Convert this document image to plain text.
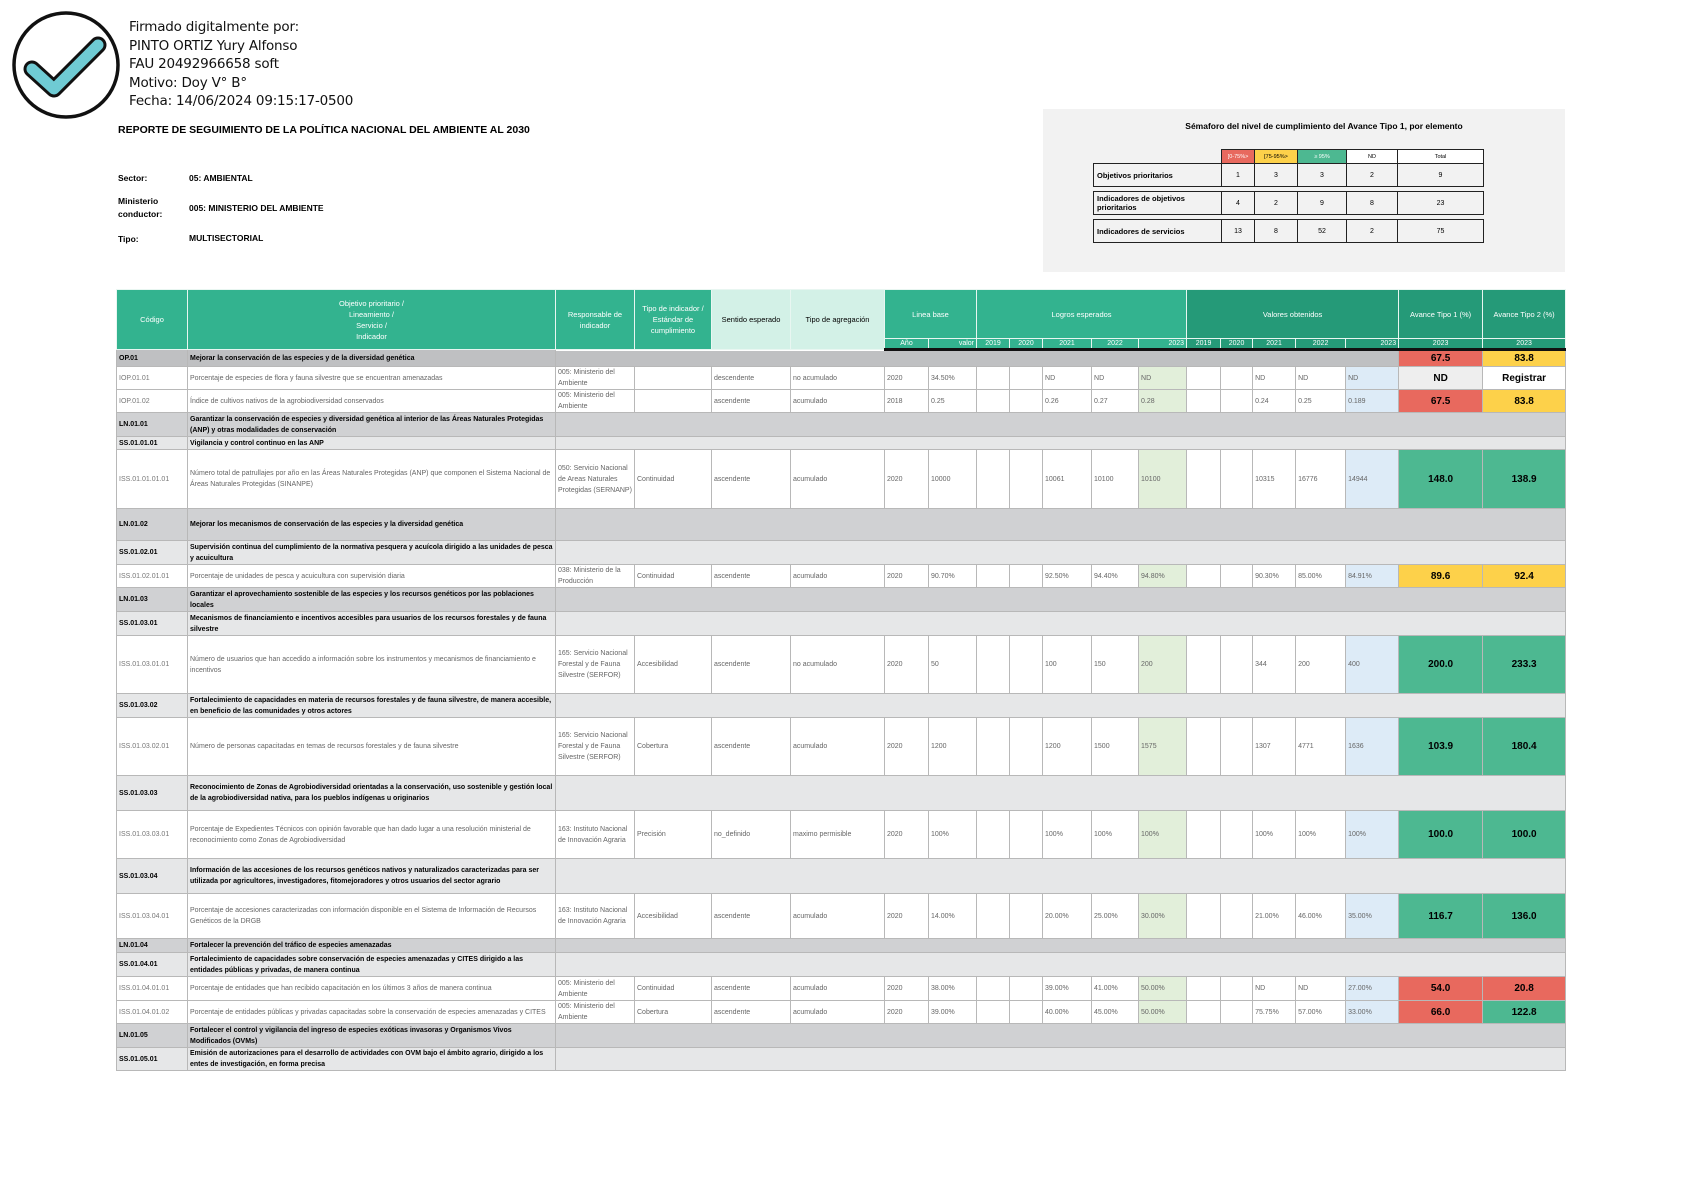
Firmado digitalmente por:
PINTO ORTIZ Yury Alfonso
FAU 20492966658 soft
Motivo: Doy V° B°
Fecha: 14/06/2024 09:15:17-0500
REPORTE DE SEGUIMIENTO DE LA POLÍTICA NACIONAL DEL AMBIENTE AL 2030
Sector:	05: AMBIENTAL
Ministerio
conductor:
005: MINISTERIO DEL AMBIENTE
Tipo:	MULTISECTORIAL
Sémaforo del nivel de cumplimiento del Avance Tipo 1, por elemento
	[0-75%>	[75-95%>	≥ 95%	ND	Total
Objetivos prioritarios	1	3	3	2	9

Indicadores de objetivos prioritarios	4	2	9	8	23

Indicadores de servicios	13	8	52	2	75
Código	Objetivo prioritario /
Lineamiento /
Servicio /
Indicador	Responsable de indicador	Tipo de indicador / Estándar de cumplimiento	Sentido esperado	Tipo de agregación	Linea base		Logros esperados					Valores obtenidos					Avance Tipo 1 (%)	Avance Tipo 2 (%)
						Año	valor	2019	2020	2021	2022	2023	2019	2020	2021	2022	2023	2023	2023
OP.01	Mejorar la conservación de las especies y de la diversidad genética																	67.5	83.8
IOP.01.01	Porcentaje de especies de flora y fauna silvestre que se encuentran amenazadas	005: Ministerio del Ambiente		descendente	no acumulado	2020	34.50%			ND	ND	ND			ND	ND	ND	ND	Registrar
IOP.01.02	Índice de cultivos nativos de la agrobiodiversidad conservados	005: Ministerio del Ambiente		ascendente	acumulado	2018	0.25			0.26	0.27	0.28			0.24	0.25	0.189	67.5	83.8
LN.01.01	Garantizar la conservación de especies y diversidad genética al interior de las Áreas Naturales Protegidas (ANP) y otras modalidades de conservación																		
SS.01.01.01	Vigilancia y control continuo en las ANP																		
ISS.01.01.01.01	Número total de patrullajes por año en las Áreas Naturales Protegidas (ANP) que componen el Sistema Nacional de Áreas Naturales Protegidas (SINANPE)	050: Servicio Nacional de Areas Naturales Protegidas (SERNANP)	Continuidad	ascendente	acumulado	2020	10000			10061	10100	10100			10315	16776	14944	148.0	138.9
LN.01.02	Mejorar los mecanismos de conservación de las especies y la diversidad genética																		
SS.01.02.01	Supervisión continua del cumplimiento de la normativa pesquera y acuícola dirigido a las unidades de pesca y acuicultura																		
ISS.01.02.01.01	Porcentaje de unidades de pesca y acuicultura con supervisión diaria	038: Ministerio de la Producción	Continuidad	ascendente	acumulado	2020	90.70%			92.50%	94.40%	94.80%			90.30%	85.00%	84.91%	89.6	92.4
LN.01.03	Garantizar el aprovechamiento sostenible de las especies y los recursos genéticos por las poblaciones locales																		
SS.01.03.01	Mecanismos de financiamiento e incentivos accesibles para usuarios de los recursos forestales y de fauna silvestre																		
ISS.01.03.01.01	Número de usuarios que han accedido a información sobre los instrumentos y mecanismos de financiamiento e incentivos	165: Servicio Nacional Forestal y de Fauna Silvestre (SERFOR)	Accesibilidad	ascendente	no acumulado	2020	50			100	150	200			344	200	400	200.0	233.3
SS.01.03.02	Fortalecimiento de capacidades en materia de recursos forestales y de fauna silvestre, de manera accesible, en beneficio de las comunidades y otros actores																		
ISS.01.03.02.01	Número de personas capacitadas en temas de recursos forestales y de fauna silvestre	165: Servicio Nacional Forestal y de Fauna Silvestre (SERFOR)	Cobertura	ascendente	acumulado	2020	1200			1200	1500	1575			1307	4771	1636	103.9	180.4
SS.01.03.03	Reconocimiento de Zonas de Agrobiodiversidad orientadas a la conservación, uso sostenible y gestión local de la agrobiodiversidad nativa, para los pueblos indígenas u originarios																		
ISS.01.03.03.01	Porcentaje de Expedientes Técnicos con opinión favorable que han dado lugar a una resolución ministerial de reconocimiento como Zonas de Agrobiodiversidad	163: Instituto Nacional de Innovación Agraria	Precisión	no_definido	maximo permisible	2020	100%			100%	100%	100%			100%	100%	100%	100.0	100.0
SS.01.03.04	Información de las accesiones de los recursos genéticos nativos y naturalizados caracterizadas para ser utilizada por agricultores, investigadores, fitomejoradores y otros usuarios del sector agrario																		
ISS.01.03.04.01	Porcentaje de accesiones caracterizadas con información disponible en el Sistema de Información de Recursos Genéticos de la DRGB	163: Instituto Nacional de Innovación Agraria	Accesibilidad	ascendente	acumulado	2020	14.00%			20.00%	25.00%	30.00%			21.00%	46.00%	35.00%	116.7	136.0
LN.01.04	Fortalecer la prevención del tráfico de especies amenazadas																		
SS.01.04.01	Fortalecimiento de capacidades sobre conservación de especies amenazadas y CITES dirigido a las entidades públicas y privadas, de manera continua																		
ISS.01.04.01.01	Porcentaje de entidades que han recibido capacitación en los últimos 3 años de manera continua	005: Ministerio del Ambiente	Continuidad	ascendente	acumulado	2020	38.00%			39.00%	41.00%	50.00%			ND	ND	27.00%	54.0	20.8
ISS.01.04.01.02	Porcentaje de entidades públicas y privadas capacitadas sobre la conservación de especies amenazadas y CITES	005: Ministerio del Ambiente	Cobertura	ascendente	acumulado	2020	39.00%			40.00%	45.00%	50.00%			75.75%	57.00%	33.00%	66.0	122.8
LN.01.05	Fortalecer el control y vigilancia del ingreso de especies exóticas invasoras y Organismos Vivos Modificados (OVMs)																		
SS.01.05.01	Emisión de autorizaciones para el desarrollo de actividades con OVM bajo el ámbito agrario, dirigido a los entes de investigación, en forma precisa																		
